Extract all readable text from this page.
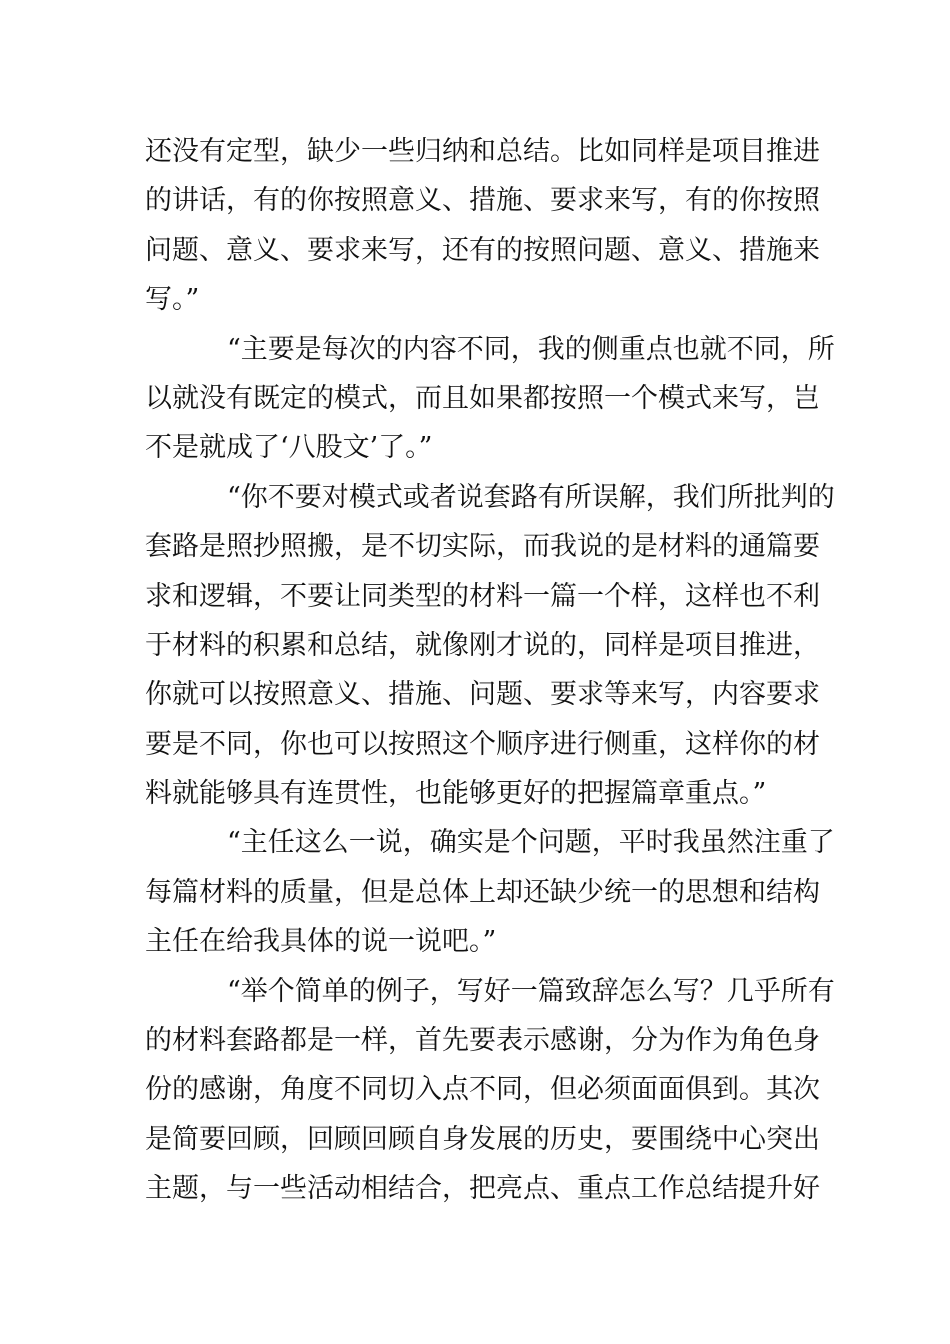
还没有定型，缺少一些归纳和总结。比如同样是项目推进
的讲话，有的你按照意义、措施、要求来写，有的你按照
问题、意义、要求来写，还有的按照问题、意义、措施来
写。”
“主要是每次的内容不同，我的侧重点也就不同，所
以就没有既定的模式，而且如果都按照一个模式来写，岂
不是就成了‘八股文’了。”
“你不要对模式或者说套路有所误解，我们所批判的
套路是照抄照搬，是不切实际，而我说的是材料的通篇要
求和逻辑，不要让同类型的材料一篇一个样，这样也不利
于材料的积累和总结，就像刚才说的，同样是项目推进，
你就可以按照意义、措施、问题、要求等来写，内容要求
要是不同，你也可以按照这个顺序进行侧重，这样你的材
料就能够具有连贯性，也能够更好的把握篇章重点。”
“主任这么一说，确实是个问题，平时我虽然注重了
每篇材料的质量，但是总体上却还缺少统一的思想和结构
主任在给我具体的说一说吧。”
“举个简单的例子，写好一篇致辞怎么写？几乎所有
的材料套路都是一样，首先要表示感谢，分为作为角色身
份的感谢，角度不同切入点不同，但必须面面俱到。其次
是简要回顾，回顾回顾自身发展的历史，要围绕中心突出
主题，与一些活动相结合，把亮点、重点工作总结提升好
